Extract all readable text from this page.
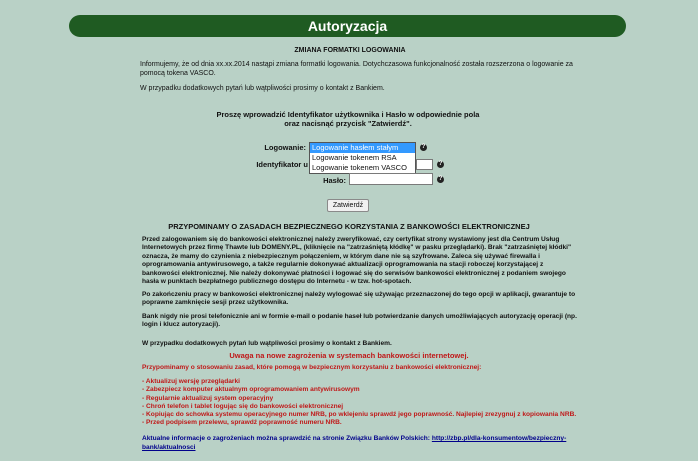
Autoryzacja
ZMIANA FORMATKI LOGOWANIA
Informujemy, że od dnia xx.xx.2014 nastąpi zmiana formatki logowania. Dotychczasowa funkcjonalność została rozszerzona o logowanie za
pomocą tokena VASCO.
W przypadku dodatkowych pytań lub wątpliwości prosimy o kontakt z Bankiem.
Proszę wprowadzić Identyfikator użytkownika i Hasło w odpowiednie pola
oraz nacisnąć przycisk "Zatwierdź".
Logowanie: Logowanie hasłem stałym
Logowanie tokenem RSA
Logowanie tokenem VASCO
?
Identyfikator u	?
Hasło:	?
Zatwierdź
PRZYPOMINAMY O ZASADACH BEZPIECZNEGO KORZYSTANIA Z BANKOWOŚCI ELEKTRONICZNEJ
Przed zalogowaniem się do bankowości elektronicznej należy zweryfikować, czy certyfikat strony wystawiony jest dla Centrum Usług
Internetowych przez firmę Thawte lub DOMENY.PL, (kliknięcie na "zatrzaśniętą kłódkę" w pasku przeglądarki). Brak "zatrzaśniętej kłódki"
oznacza, że mamy do czynienia z niebezpiecznym połączeniem, w którym dane nie są szyfrowane. Zaleca się używać firewalla i
oprogramowania antywirusowego, a także regularnie dokonywać aktualizacji oprogramowania na stacji roboczej korzystającej z
bankowości elektronicznej. Nie należy dokonywać płatności i logować się do serwisów bankowości elektronicznej z podaniem swojego
hasła w punktach bezpłatnego publicznego dostępu do Internetu - w tzw. hot-spotach.
Po zakończeniu pracy w bankowości elektronicznej należy wylogować się używając przeznaczonej do tego opcji w aplikacji, gwarantuje to
poprawne zamknięcie sesji przez użytkownika.
Bank nigdy nie prosi telefonicznie ani w formie e-mail o podanie haseł lub potwierdzanie danych umożliwiających autoryzację operacji (np.
login i klucz autoryzacji).
W przypadku dodatkowych pytań lub wątpliwości prosimy o kontakt z Bankiem.
Uwaga na nowe zagrożenia w systemach bankowości internetowej.
Przypominamy o stosowaniu zasad, które pomogą w bezpiecznym korzystaniu z bankowości elektronicznej:
- Aktualizuj wersję przeglądarki
- Zabezpiecz komputer aktualnym oprogramowaniem antywirusowym
- Regularnie aktualizuj system operacyjny
- Chroń telefon i tablet logując się do bankowości elektronicznej
- Kopiując do schowka systemu operacyjnego numer NRB, po wklejeniu sprawdź jego poprawność. Najlepiej zrezygnuj z kopiowania NRB.
- Przed podpisem przelewu, sprawdź poprawność numeru NRB.
Aktualne informacje o zagrożeniach można sprawdzić na stronie Związku Banków Polskich: http://zbp.pl/dla-konsumentow/bezpieczny-
bank/aktualnosci
